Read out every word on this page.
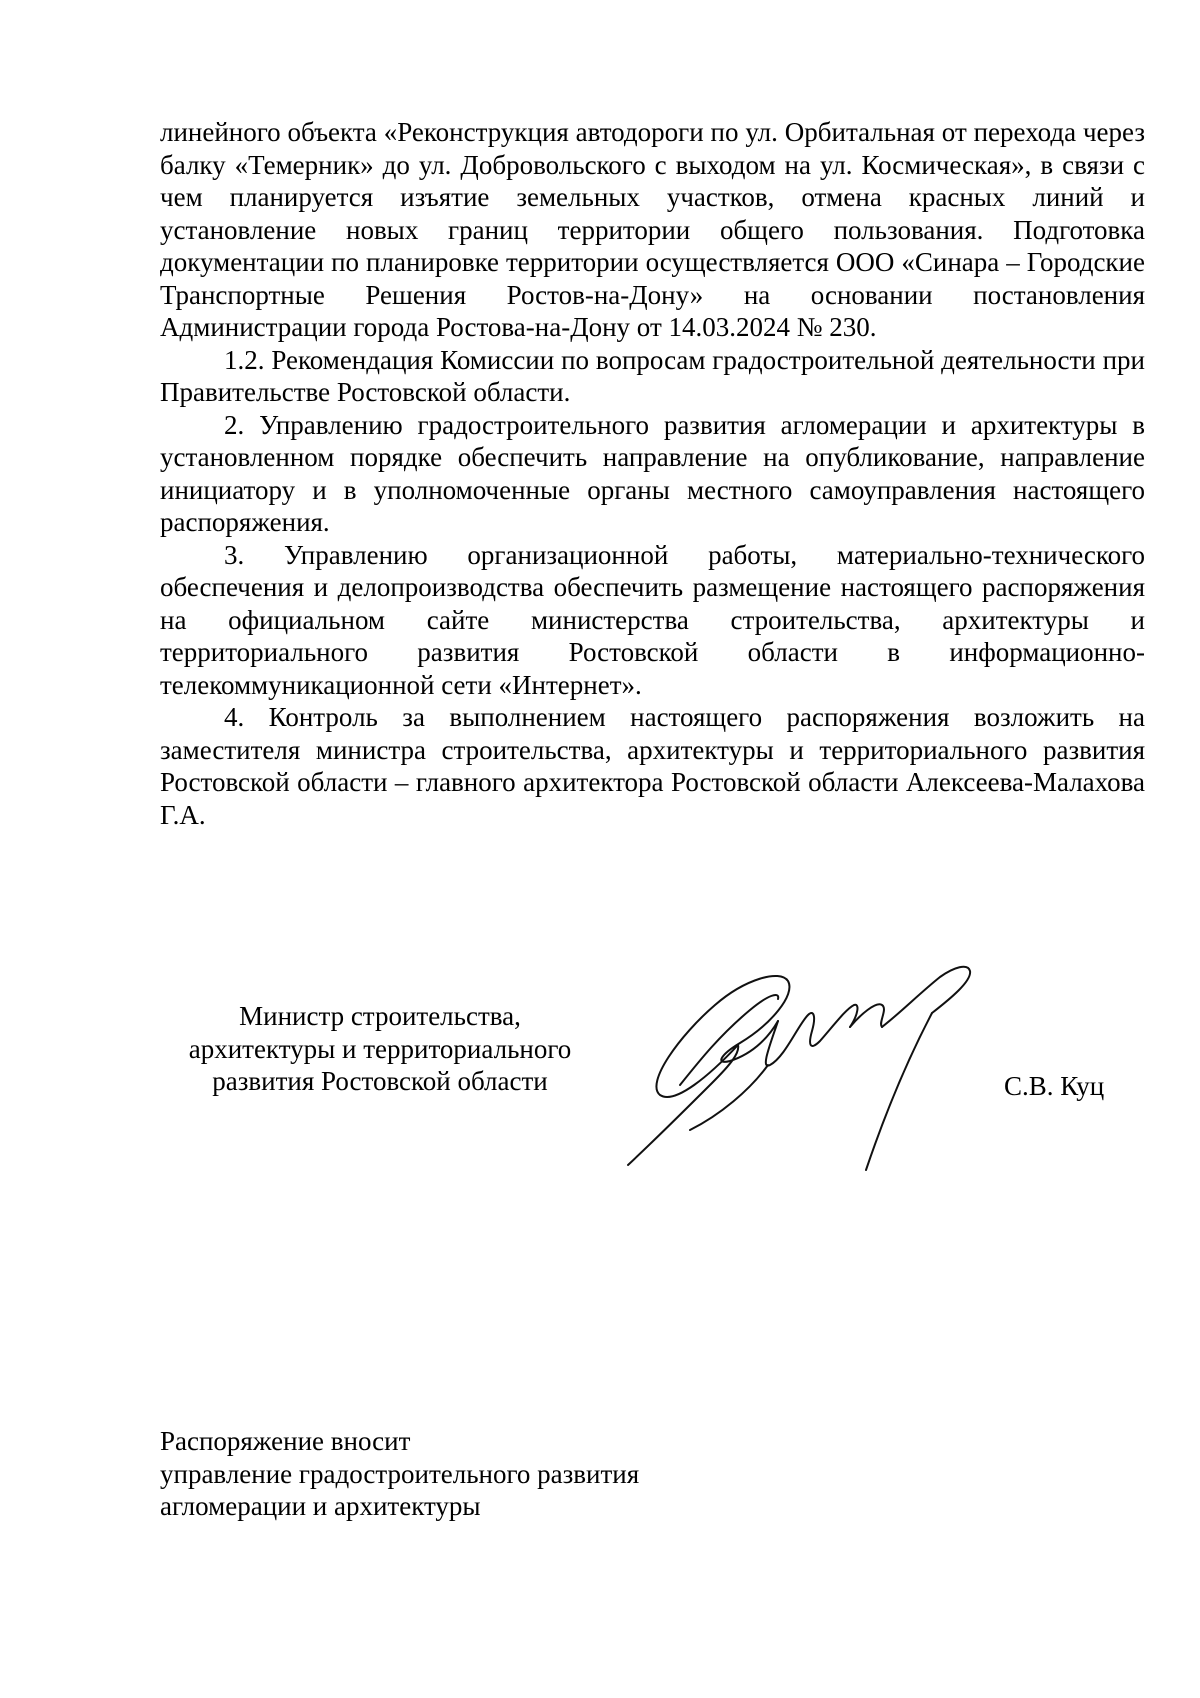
линейного объекта «Реконструкция автодороги по ул. Орбитальная от перехода через балку «Темерник» до ул. Добровольского с выходом на ул. Космическая», в связи с чем планируется изъятие земельных участков, отмена красных линий и установление новых границ территории общего пользования. Подготовка документации по планировке территории осуществляется ООО «Синара – Городские Транспортные Решения Ростов-на-Дону» на основании постановления Администрации города Ростова-на-Дону от 14.03.2024 № 230.

1.2. Рекомендация Комиссии по вопросам градостроительной деятельности при Правительстве Ростовской области.

2. Управлению градостроительного развития агломерации и архитектуры в установленном порядке обеспечить направление на опубликование, направление инициатору и в уполномоченные органы местного самоуправления настоящего распоряжения.

3. Управлению организационной работы, материально-технического обеспечения и делопроизводства обеспечить размещение настоящего распоряжения на официальном сайте министерства строительства, архитектуры и территориального развития Ростовской области в информационно-телекоммуникационной сети «Интернет».

4. Контроль за выполнением настоящего распоряжения возложить на заместителя министра строительства, архитектуры и территориального развития Ростовской области – главного архитектора Ростовской области Алексеева-Малахова Г.А.

Министр строительства,
архитектуры и территориального
развития Ростовской области	С.В. Куц

Распоряжение вносит
управление градостроительного развития
агломерации и архитектуры
